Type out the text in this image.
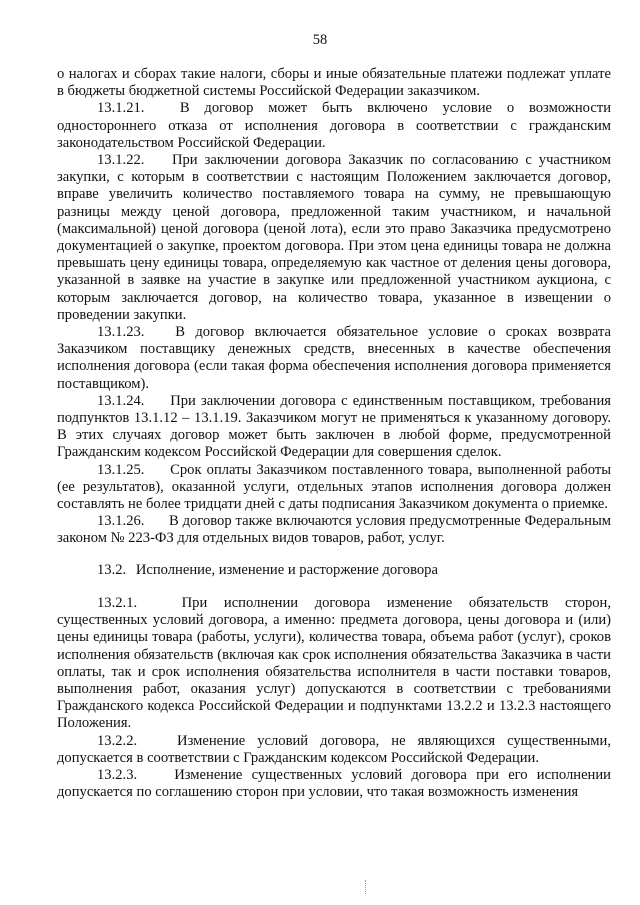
58

о налогах и сборах такие налоги, сборы и иные обязательные платежи подлежат уплате в бюджеты бюджетной системы Российской Федерации заказчиком.

13.1.21. В договор может быть включено условие о возможности одностороннего отказа от исполнения договора в соответствии с гражданским законодательством Российской Федерации.

13.1.22. При заключении договора Заказчик по согласованию с участником закупки, с которым в соответствии с настоящим Положением заключается договор, вправе увеличить количество поставляемого товара на сумму, не превышающую разницы между ценой договора, предложенной таким участником, и начальной (максимальной) ценой договора (ценой лота), если это право Заказчика предусмотрено документацией о закупке, проектом договора. При этом цена единицы товара не должна превышать цену единицы товара, определяемую как частное от деления цены договора, указанной в заявке на участие в закупке или предложенной участником аукциона, с которым заключается договор, на количество товара, указанное в извещении о проведении закупки.

13.1.23. В договор включается обязательное условие о сроках возврата Заказчиком поставщику денежных средств, внесенных в качестве обеспечения исполнения договора (если такая форма обеспечения исполнения договора применяется поставщиком).

13.1.24. При заключении договора с единственным поставщиком, требования подпунктов 13.1.12 – 13.1.19. Заказчиком могут не применяться к указанному договору. В этих случаях договор может быть заключен в любой форме, предусмотренной Гражданским кодексом Российской Федерации для совершения сделок.

13.1.25. Срок оплаты Заказчиком поставленного товара, выполненной работы (ее результатов), оказанной услуги, отдельных этапов исполнения договора должен составлять не более тридцати дней с даты подписания Заказчиком документа о приемке.

13.1.26. В договор также включаются условия предусмотренные Федеральным законом № 223-ФЗ для отдельных видов товаров, работ, услуг.

13.2. Исполнение, изменение и расторжение договора

13.2.1.	При исполнении договора изменение обязательств сторон, существенных условий договора, а именно: предмета договора, цены договора и (или) цены единицы товара (работы, услуги), количества товара, объема работ (услуг), сроков исполнения обязательств (включая как срок исполнения обязательства Заказчика в части оплаты, так и срок исполнения обязательства исполнителя в части поставки товаров, выполнения работ, оказания услуг) допускаются в соответствии с требованиями Гражданского кодекса Российской Федерации и подпунктами 13.2.2 и 13.2.3 настоящего Положения.

13.2.2.	Изменение условий договора, не являющихся существенными, допускается в соответствии с Гражданским кодексом Российской Федерации.

13.2.3.	Изменение существенных условий договора при его исполнении допускается по соглашению сторон при условии, что такая возможность изменения
